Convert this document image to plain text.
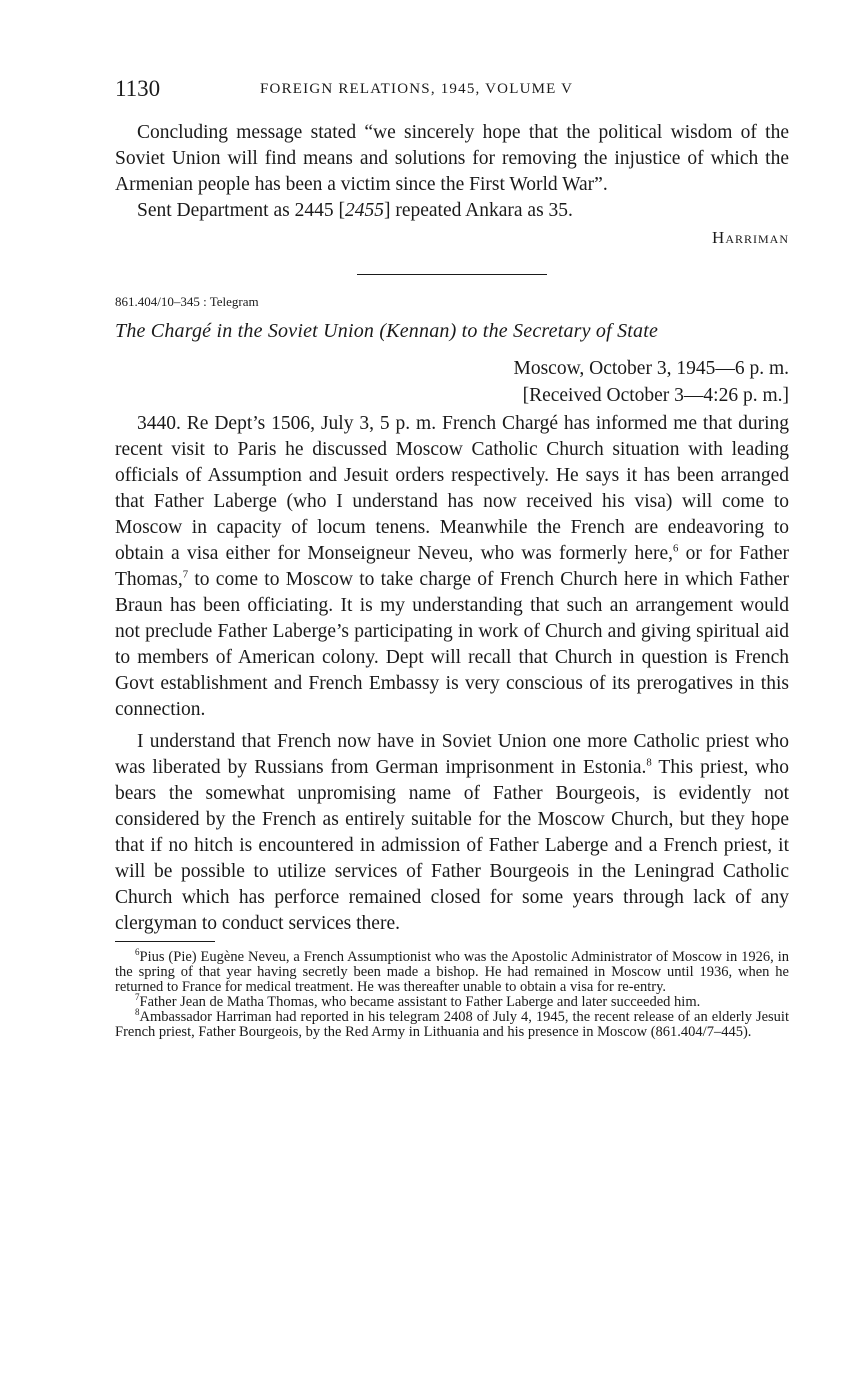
1130	FOREIGN RELATIONS, 1945, VOLUME V

Concluding message stated “we sincerely hope that the political wisdom of the Soviet Union will find means and solutions for removing the injustice of which the Armenian people has been a victim since the First World War”.

Sent Department as 2445 [2455] repeated Ankara as 35.

Harriman
861.404/10–345 : Telegram
The Chargé in the Soviet Union (Kennan) to the Secretary of State
Moscow, October 3, 1945—6 p. m.
[Received October 3—4:26 p. m.]

3440. Re Dept’s 1506, July 3, 5 p. m. French Chargé has informed me that during recent visit to Paris he discussed Moscow Catholic Church situation with leading officials of Assumption and Jesuit orders respectively. He says it has been arranged that Father Laberge (who I understand has now received his visa) will come to Moscow in capacity of locum tenens. Meanwhile the French are endeavoring to obtain a visa either for Monseigneur Neveu, who was formerly here,$^6$ or for Father Thomas,$^7$ to come to Moscow to take charge of French Church here in which Father Braun has been officiating. It is my understanding that such an arrangement would not preclude Father Laberge’s participating in work of Church and giving spiritual aid to members of American colony. Dept will recall that Church in question is French Govt establishment and French Embassy is very conscious of its prerogatives in this connection.

I understand that French now have in Soviet Union one more Catholic priest who was liberated by Russians from German imprisonment in Estonia.$^8$ This priest, who bears the somewhat unpromising name of Father Bourgeois, is evidently not considered by the French as entirely suitable for the Moscow Church, but they hope that if no hitch is encountered in admission of Father Laberge and a French priest, it will be possible to utilize services of Father Bourgeois in the Leningrad Catholic Church which has perforce remained closed for some years through lack of any clergyman to conduct services there.

$^6$Pius (Pie) Eugène Neveu, a French Assumptionist who was the Apostolic Administrator of Moscow in 1926, in the spring of that year having secretly been made a bishop. He had remained in Moscow until 1936, when he returned to France for medical treatment. He was thereafter unable to obtain a visa for re-entry.

$^7$Father Jean de Matha Thomas, who became assistant to Father Laberge and later succeeded him.

$^8$Ambassador Harriman had reported in his telegram 2408 of July 4, 1945, the recent release of an elderly Jesuit French priest, Father Bourgeois, by the Red Army in Lithuania and his presence in Moscow (861.404/7–445).
